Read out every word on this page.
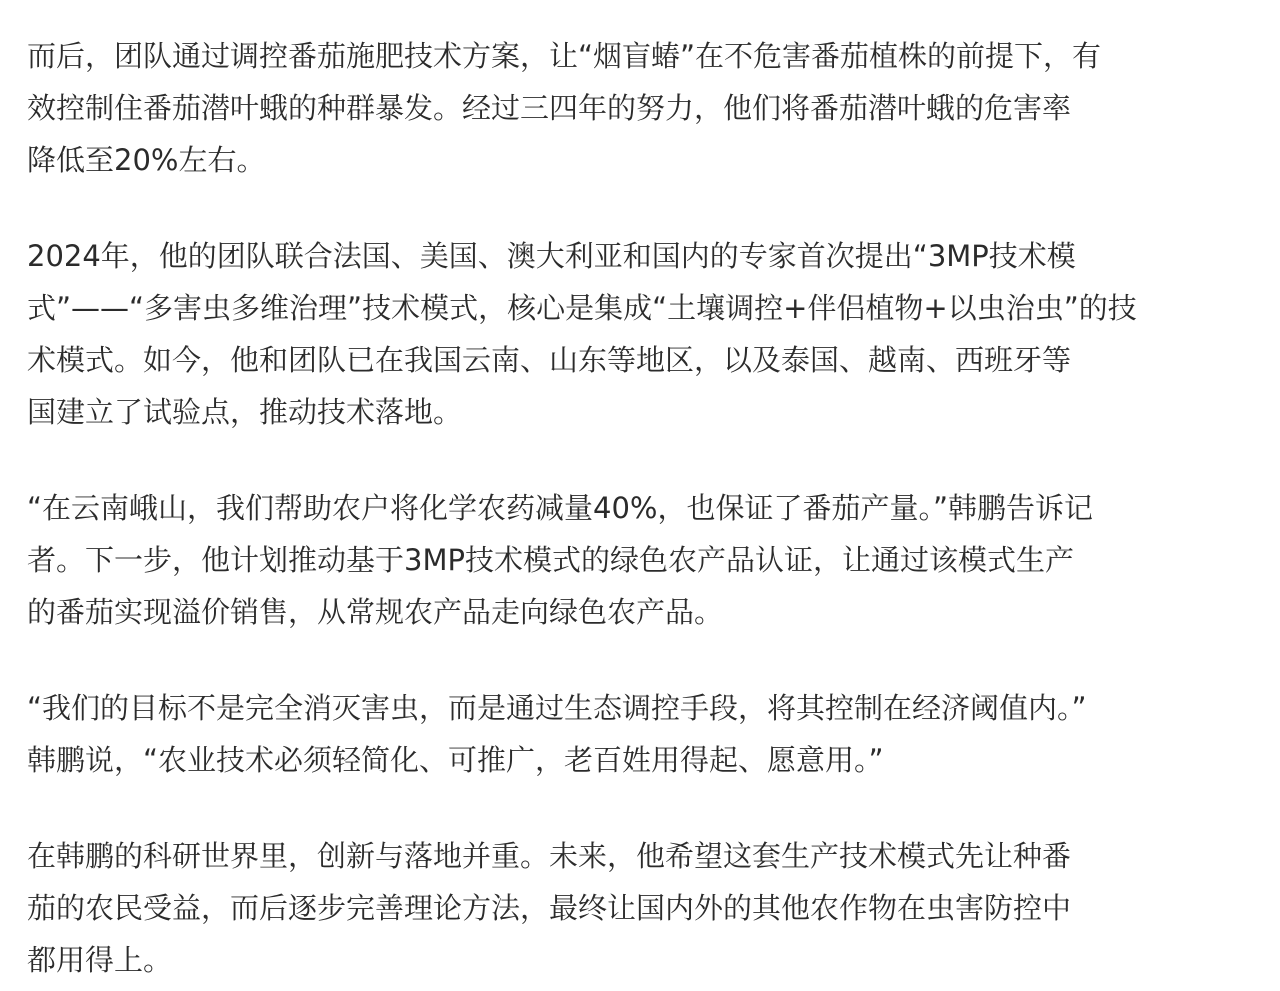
而后，团队通过调控番茄施肥技术方案，让“烟盲蝽”在不危害番茄植株的前提下，有
效控制住番茄潜叶蛾的种群暴发。经过三四年的努力，他们将番茄潜叶蛾的危害率
降低至20%左右。

2024年，他的团队联合法国、美国、澳大利亚和国内的专家首次提出“3MP技术模
式”——“多害虫多维治理”技术模式，核心是集成“土壤调控+伴侣植物+以虫治虫”的技
术模式。如今，他和团队已在我国云南、山东等地区，以及泰国、越南、西班牙等
国建立了试验点，推动技术落地。

“在云南峨山，我们帮助农户将化学农药减量40%，也保证了番茄产量。”韩鹏告诉记
者。下一步，他计划推动基于3MP技术模式的绿色农产品认证，让通过该模式生产
的番茄实现溢价销售，从常规农产品走向绿色农产品。

“我们的目标不是完全消灭害虫，而是通过生态调控手段，将其控制在经济阈值内。”
韩鹏说，“农业技术必须轻简化、可推广，老百姓用得起、愿意用。”

在韩鹏的科研世界里，创新与落地并重。未来，他希望这套生产技术模式先让种番
茄的农民受益，而后逐步完善理论方法，最终让国内外的其他农作物在虫害防控中
都用得上。
